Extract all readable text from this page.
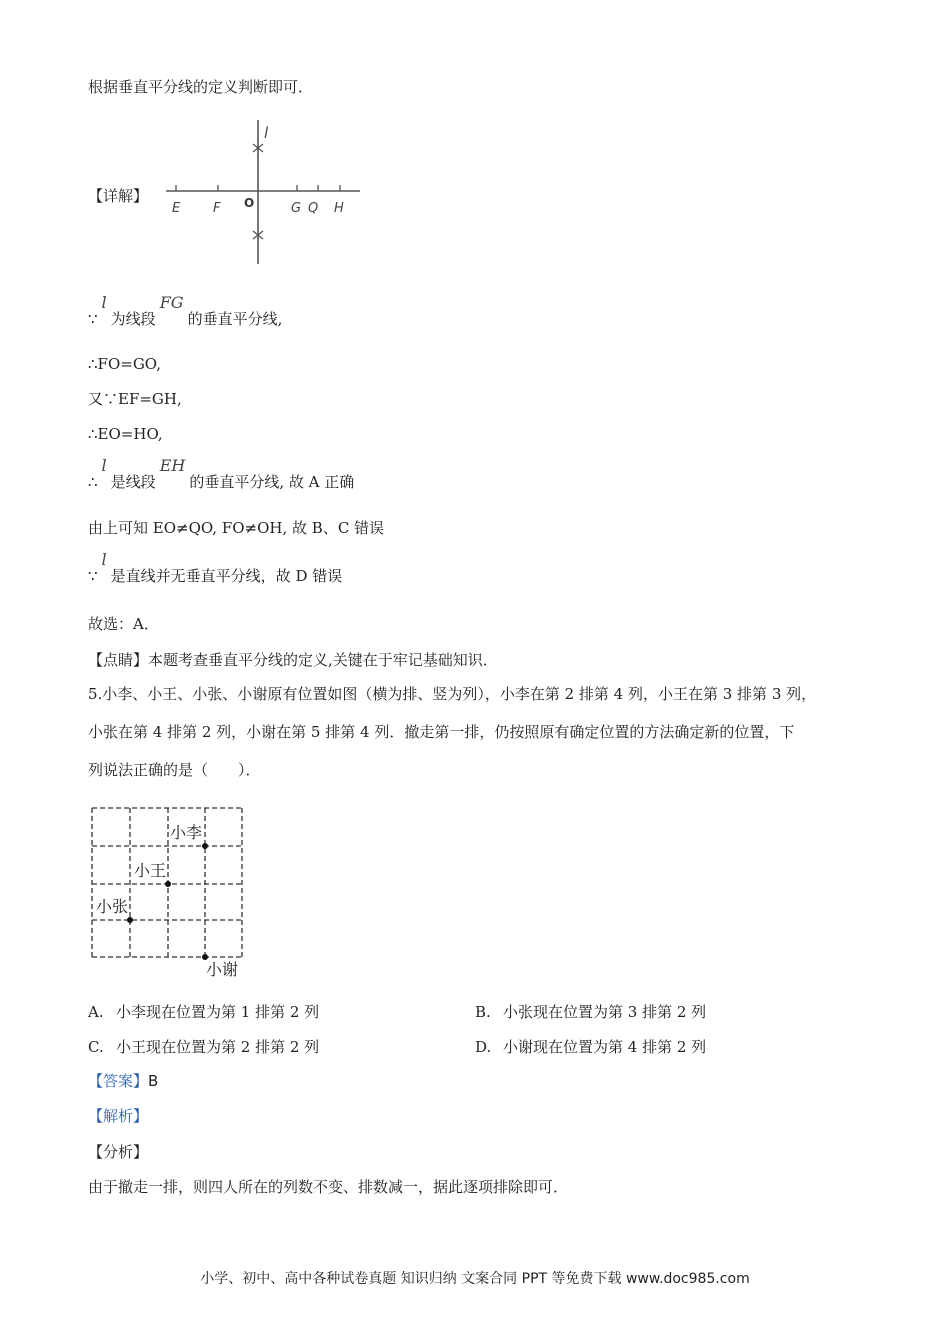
根据垂直平分线的定义判断即可．
【详解】
l
E	F O	G Q H
∵l为线段FG的垂直平分线,
∴FO=GO,
又∵EF=GH,
∴EO=HO,
∴l是线段EH的垂直平分线, 故 A 正确
由上可知 EO≠QO, FO≠OH, 故 B、C 错误
∵l是直线并无垂直平分线，故 D 错误
故选：A．
【点睛】本题考查垂直平分线的定义,关键在于牢记基础知识．
5.小李、小王、小张、小谢原有位置如图（横为排、竖为列），小李在第 2 排第 4 列，小王在第 3 排第 3 列，
小张在第 4 排第 2 列，小谢在第 5 排第 4 列．撤走第一排，仍按照原有确定位置的方法确定新的位置，下
列说法正确的是（　　）．
小李
小王
小张
小谢
A. 小李现在位置为第 1 排第 2 列	B. 小张现在位置为第 3 排第 2 列
C. 小王现在位置为第 2 排第 2 列	D. 小谢现在位置为第 4 排第 2 列
【答案】B
【解析】
【分析】
由于撤走一排，则四人所在的列数不变、排数减一，据此逐项排除即可．
小学、初中、高中各种试卷真题 知识归纳 文案合同 PPT 等免费下载 www.doc985.com
